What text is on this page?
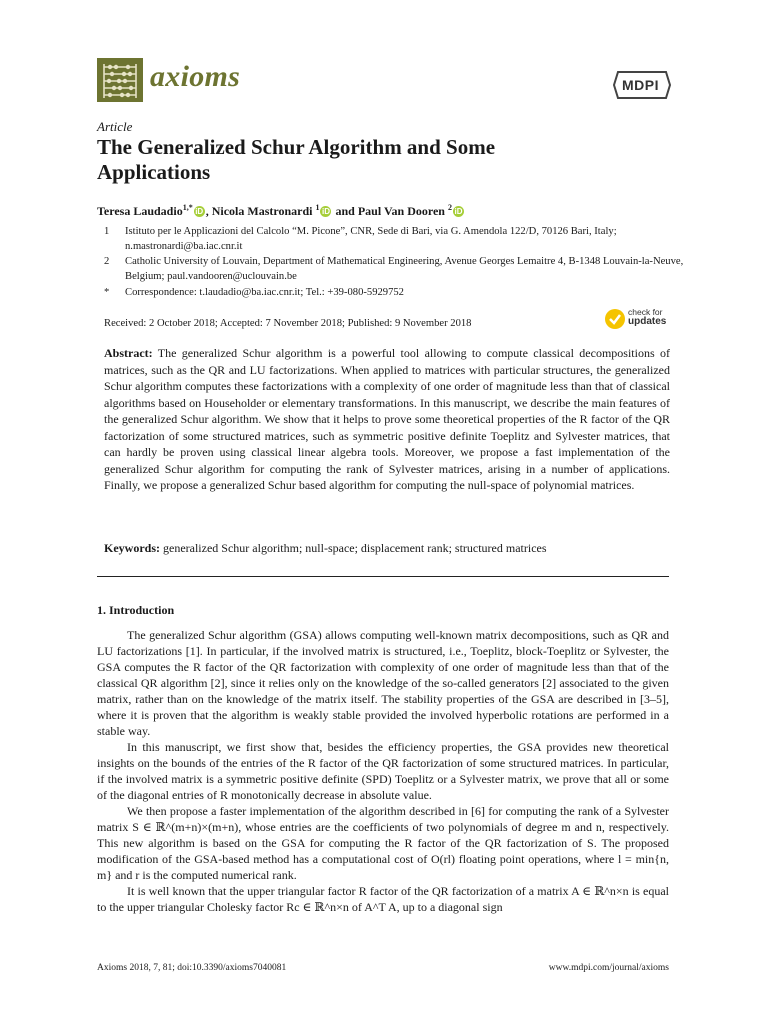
axioms	MDPI
Article
The Generalized Schur Algorithm and Some Applications
Teresa Laudadio$^{1,*}$ iD , Nicola Mastronardi $^1$ iD and Paul Van Dooren $^2$ iD
1 Istituto per le Applicazioni del Calcolo “M. Picone”, CNR, Sede di Bari, via G. Amendola 122/D, 70126 Bari, Italy; n.mastronardi@ba.iac.cnr.it
2 Catholic University of Louvain, Department of Mathematical Engineering, Avenue Georges Lemaitre 4, B-1348 Louvain-la-Neuve, Belgium; paul.vandooren@uclouvain.be
* Correspondence: t.laudadio@ba.iac.cnr.it; Tel.: +39-080-5929752
Received: 2 October 2018; Accepted: 7 November 2018; Published: 9 November 2018
check for
updates
Abstract: The generalized Schur algorithm is a powerful tool allowing to compute classical decompositions of matrices, such as the QR and LU factorizations. When applied to matrices with particular structures, the generalized Schur algorithm computes these factorizations with a complexity of one order of magnitude less than that of classical algorithms based on Householder or elementary transformations. In this manuscript, we describe the main features of the generalized Schur algorithm. We show that it helps to prove some theoretical properties of the R factor of the QR factorization of some structured matrices, such as symmetric positive definite Toeplitz and Sylvester matrices, that can hardly be proven using classical linear algebra tools. Moreover, we propose a fast implementation of the generalized Schur algorithm for computing the rank of Sylvester matrices, arising in a number of applications. Finally, we propose a generalized Schur based algorithm for computing the null-space of polynomial matrices.
Keywords: generalized Schur algorithm; null-space; displacement rank; structured matrices
1. Introduction

The generalized Schur algorithm (GSA) allows computing well-known matrix decompositions, such as QR and LU factorizations [1]. In particular, if the involved matrix is structured, i.e., Toeplitz, block-Toeplitz or Sylvester, the GSA computes the R factor of the QR factorization with complexity of one order of magnitude less than that of the classical QR algorithm [2], since it relies only on the knowledge of the so-called generators [2] associated to the given matrix, rather than on the knowledge of the matrix itself. The stability properties of the GSA are described in [3–5], where it is proven that the algorithm is weakly stable provided the involved hyperbolic rotations are performed in a stable way.

In this manuscript, we first show that, besides the efficiency properties, the GSA provides new theoretical insights on the bounds of the entries of the R factor of the QR factorization of some structured matrices. In particular, if the involved matrix is a symmetric positive definite (SPD) Toeplitz or a Sylvester matrix, we prove that all or some of the diagonal entries of R monotonically decrease in absolute value.

We then propose a faster implementation of the algorithm described in [6] for computing the rank of a Sylvester matrix S ∈ ℝ^(m+n)×(m+n), whose entries are the coefficients of two polynomials of degree m and n, respectively. This new algorithm is based on the GSA for computing the R factor of the QR factorization of S. The proposed modification of the GSA-based method has a computational cost of O(rl) floating point operations, where l = min{n, m} and r is the computed numerical rank.

It is well known that the upper triangular factor R factor of the QR factorization of a matrix A ∈ ℝ^n×n is equal to the upper triangular Cholesky factor Rc ∈ ℝ^n×n of A^T A, up to a diagonal sign

Axioms 2018, 7, 81; doi:10.3390/axioms7040081	www.mdpi.com/journal/axioms
